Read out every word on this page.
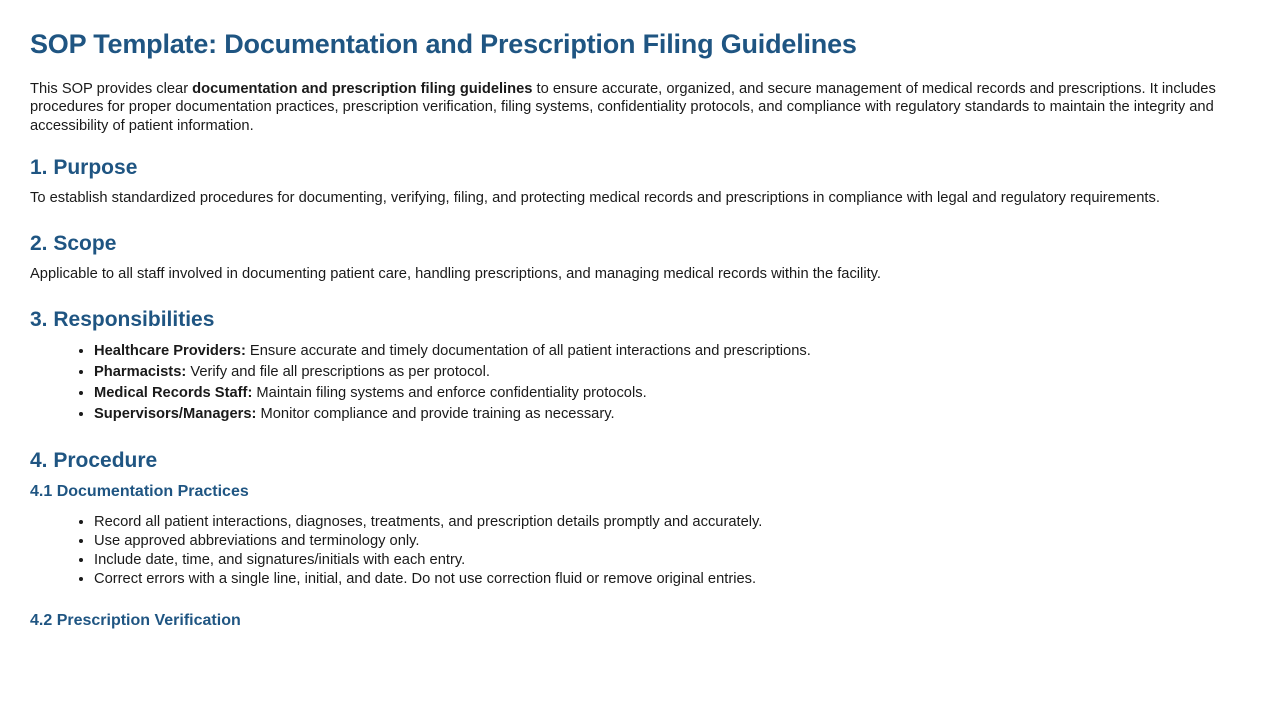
SOP Template: Documentation and Prescription Filing Guidelines

This SOP provides clear documentation and prescription filing guidelines to ensure accurate, organized, and secure management of medical records and prescriptions. It includes procedures for proper documentation practices, prescription verification, filing systems, confidentiality protocols, and compliance with regulatory standards to maintain the integrity and accessibility of patient information.

1. Purpose

To establish standardized procedures for documenting, verifying, filing, and protecting medical records and prescriptions in compliance with legal and regulatory requirements.

2. Scope

Applicable to all staff involved in documenting patient care, handling prescriptions, and managing medical records within the facility.

3. Responsibilities
• Healthcare Providers: Ensure accurate and timely documentation of all patient interactions and prescriptions.
• Pharmacists: Verify and file all prescriptions as per protocol.
• Medical Records Staff: Maintain filing systems and enforce confidentiality protocols.
• Supervisors/Managers: Monitor compliance and provide training as necessary.
4. Procedure
4.1 Documentation Practices
• Record all patient interactions, diagnoses, treatments, and prescription details promptly and accurately.
• Use approved abbreviations and terminology only.
• Include date, time, and signatures/initials with each entry.
• Correct errors with a single line, initial, and date. Do not use correction fluid or remove original entries.
4.2 Prescription Verification
